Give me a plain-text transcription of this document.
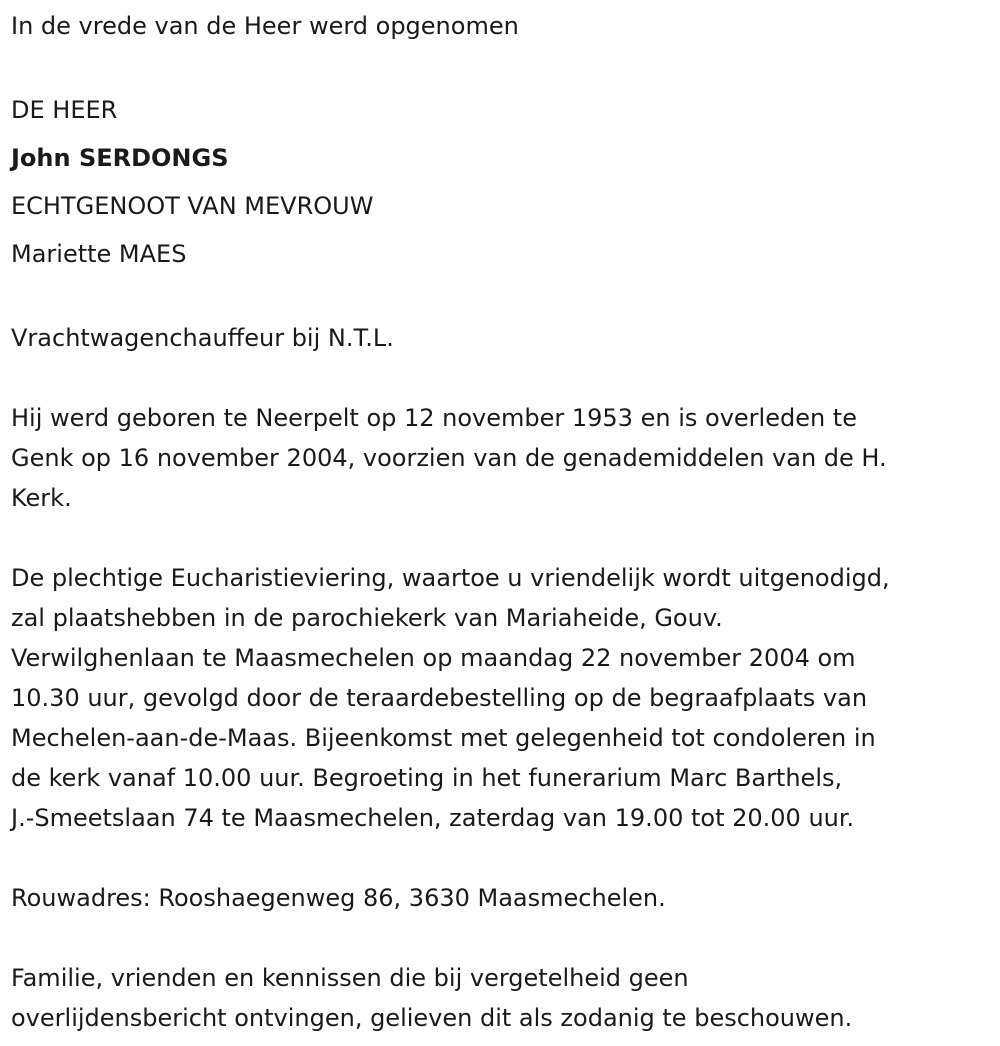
In de vrede van de Heer werd opgenomen
DE HEER
John SERDONGS
ECHTGENOOT VAN MEVROUW
Mariette MAES
Vrachtwagenchauffeur bij N.T.L.
Hij werd geboren te Neerpelt op 12 november 1953 en is overleden te
Genk op 16 november 2004, voorzien van de genademiddelen van de H.
Kerk.
De plechtige Eucharistieviering, waartoe u vriendelijk wordt uitgenodigd,
zal plaatshebben in de parochiekerk van Mariaheide, Gouv.
Verwilghenlaan te Maasmechelen op maandag 22 november 2004 om
10.30 uur, gevolgd door de teraardebestelling op de begraafplaats van
Mechelen-aan-de-Maas. Bijeenkomst met gelegenheid tot condoleren in
de kerk vanaf 10.00 uur. Begroeting in het funerarium Marc Barthels,
J.-Smeetslaan 74 te Maasmechelen, zaterdag van 19.00 tot 20.00 uur.
Rouwadres: Rooshaegenweg 86, 3630 Maasmechelen.
Familie, vrienden en kennissen die bij vergetelheid geen
overlijdensbericht ontvingen, gelieven dit als zodanig te beschouwen.
